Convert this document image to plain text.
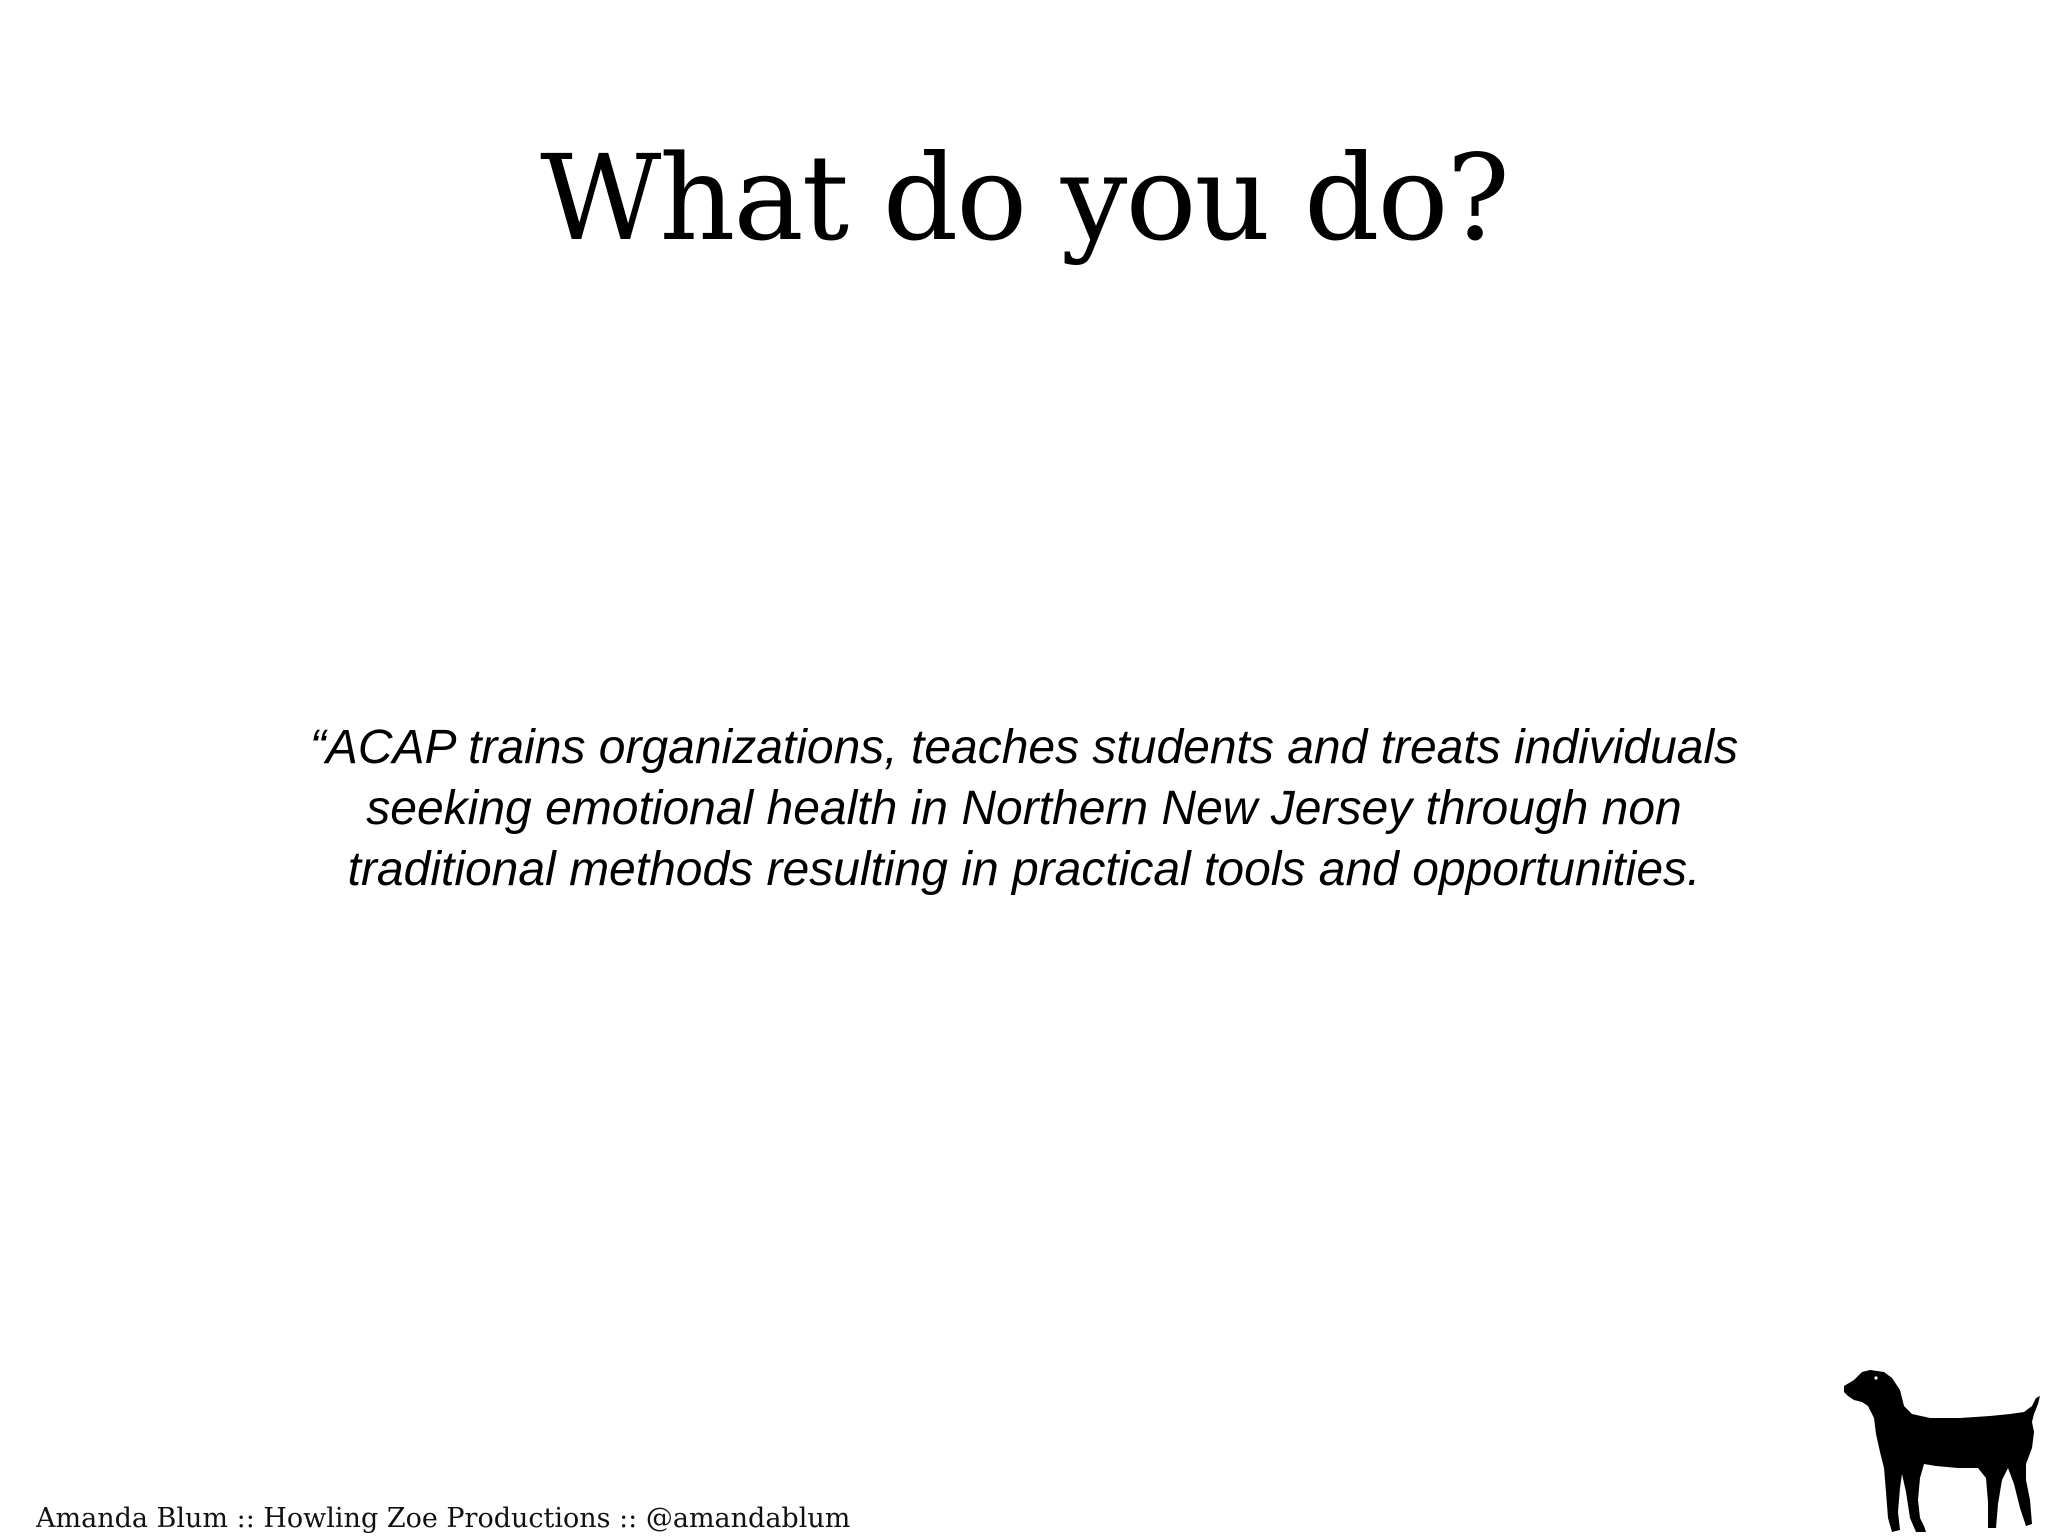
What do you do?

“ACAP trains organizations, teaches students and treats individuals
seeking emotional health in Northern New Jersey through non
traditional methods resulting in practical tools and opportunities.

Amanda Blum :: Howling Zoe Productions :: @amandablum
